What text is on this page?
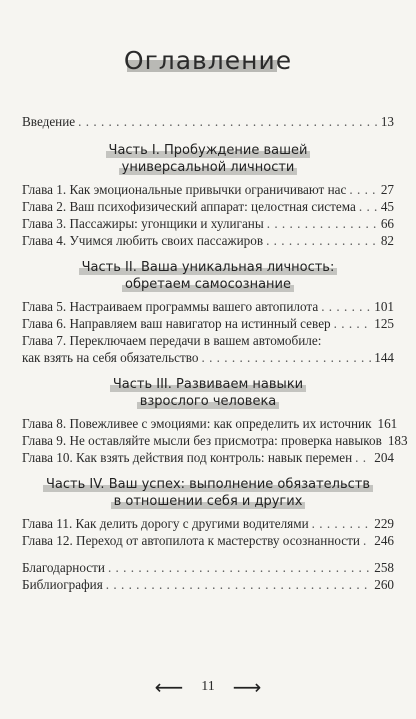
Оглавление
Введение . . .	13
Часть I. Пробуждение вашей
универсальной личности
Глава 1. Как эмоциональные привычки ограничивают нас . . .	27
Глава 2. Ваш психофизический аппарат: целостная система . . . 45
Глава 3. Пассажиры: угонщики и хулиганы . . .	66
Глава 4. Учимся любить своих пассажиров . . .	82
Часть II. Ваша уникальная личность:
обретаем самосознание
Глава 5. Настраиваем программы вашего автопилота . . .	101
Глава 6. Направляем ваш навигатор на истинный север . . .	125
Глава 7. Переключаем передачи в вашем автомобиле:
как взять на себя обязательство . . .	144
Часть III. Развиваем навыки
взрослого человека
Глава 8. Повежливее с эмоциями: как определить их источник 161
Глава 9. Не оставляйте мысли без присмотра: проверка навыков 183
Глава 10. Как взять действия под контроль: навык перемен . . . 204
Часть IV. Ваш успех: выполнение обязательств
в отношении себя и других
Глава 11. Как делить дорогу с другими водителями . . .	229
Глава 12. Переход от автопилота к мастерству осознанности . . . 246
Благодарности . . .	258
Библиография . . .	260
⟵ 11 ⟶
